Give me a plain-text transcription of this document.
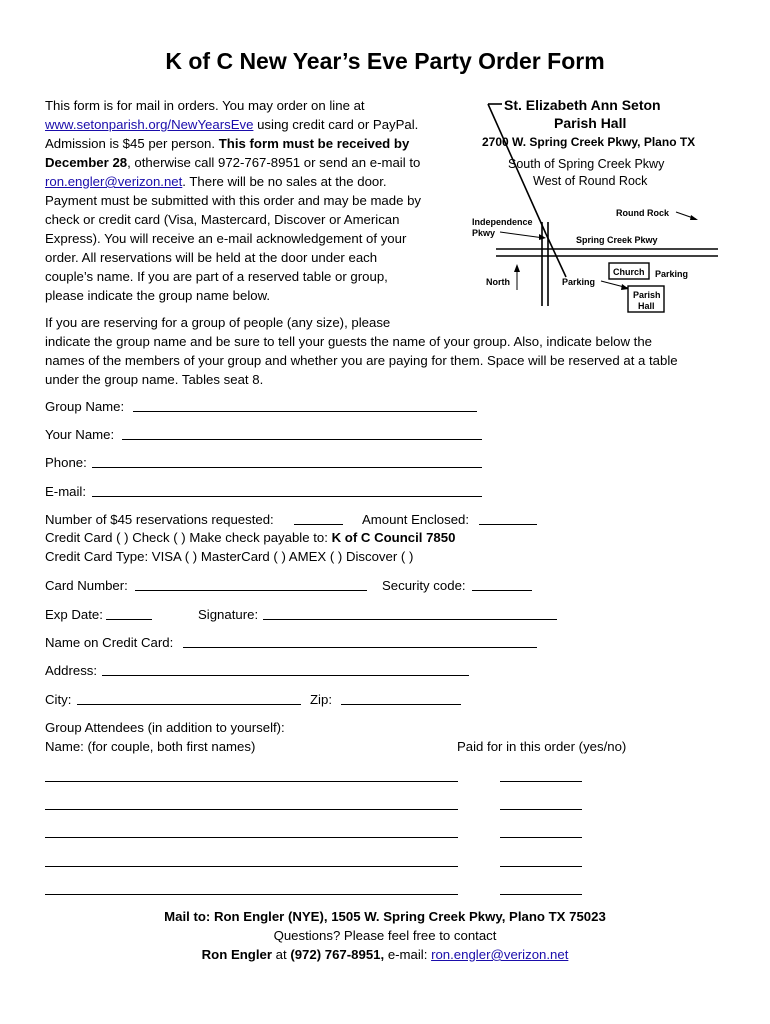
K of C New Year’s Eve Party Order Form
This form is for mail in orders. You may order on line at
www.setonparish.org/NewYearsEve using credit card or PayPal.
Admission is $45 per person. This form must be received by
December 28, otherwise call 972-767-8951 or send an e-mail to
ron.engler@verizon.net. There will be no sales at the door.
Payment must be submitted with this order and may be made by
check or credit card (Visa, Mastercard, Discover or American
Express). You will receive an e-mail acknowledgement of your
order. All reservations will be held at the door under each
couple’s name. If you are part of a reserved table or group,
please indicate the group name below.
St. Elizabeth Ann Seton
Parish Hall
2700 W. Spring Creek Pkwy, Plano TX
South of Spring Creek Pkwy
West of Round Rock
Round Rock
Independence
Pkwy
Spring Creek Pkwy
Church Parking
Parking
Parish
Hall
North
If you are reserving for a group of people (any size), please
indicate the group name and be sure to tell your guests the name of your group. Also, indicate below the
names of the members of your group and whether you are paying for them. Space will be reserved at a table
under the group name. Tables seat 8.
Group Name:
Your Name:
Phone:
E-mail:
Number of $45 reservations requested:	Amount Enclosed:
Credit Card ( ) Check ( ) Make check payable to: K of C Council 7850
Credit Card Type: VISA ( ) MasterCard ( ) AMEX ( ) Discover ( )
Card Number:	Security code:
Exp Date:	Signature:
Name on Credit Card:
Address:
City:	Zip:
Group Attendees (in addition to yourself):
Name: (for couple, both first names)	Paid for in this order (yes/no)
Mail to: Ron Engler (NYE), 1505 W. Spring Creek Pkwy, Plano TX 75023
Questions? Please feel free to contact
Ron Engler at (972) 767-8951, e-mail: ron.engler@verizon.net
